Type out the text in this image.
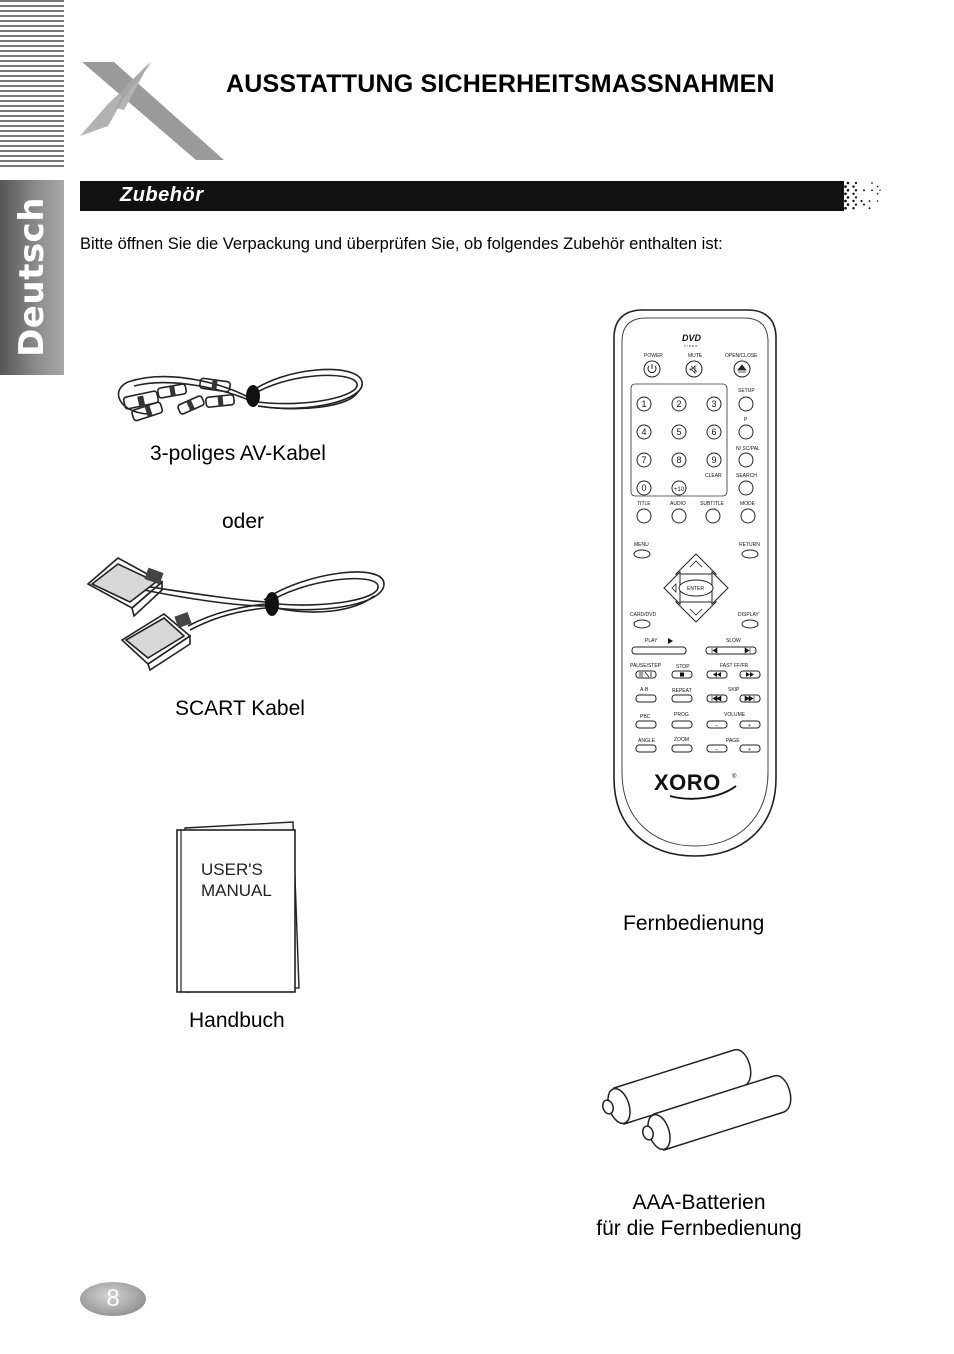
Deutsch
AUSSTATTUNG SICHERHEITSMASSNAHMEN
Zubehör
Bitte öffnen Sie die Verpackung und überprüfen Sie, ob folgendes Zubehör enthalten ist:
3-poliges AV-Kabel
oder
SCART Kabel
USER'S
MANUAL
Handbuch
DVD
VIDEO
POWER	MUTE	OPEN/CLOSE
SETUP
P
N/ SC/PAL
1	2	3
4	5	6
7	8	9
0	+10
CLEAR	SEARCH
TITLE	AUDIO	SUBTITLE	MODE
MENU	RETURN
ENTER
CARD/DVD	DISPLAY
PLAY	SLOW
PAUSE/STEP	STOP	FAST FF/FR
A-B	REPEAT	SKIP
PBC	PROG	VOLUME
−	+
ANGLE	ZOOM	PAGE
−	+
XORO ®
Fernbedienung
AAA-Batterien
für die Fernbedienung
8
